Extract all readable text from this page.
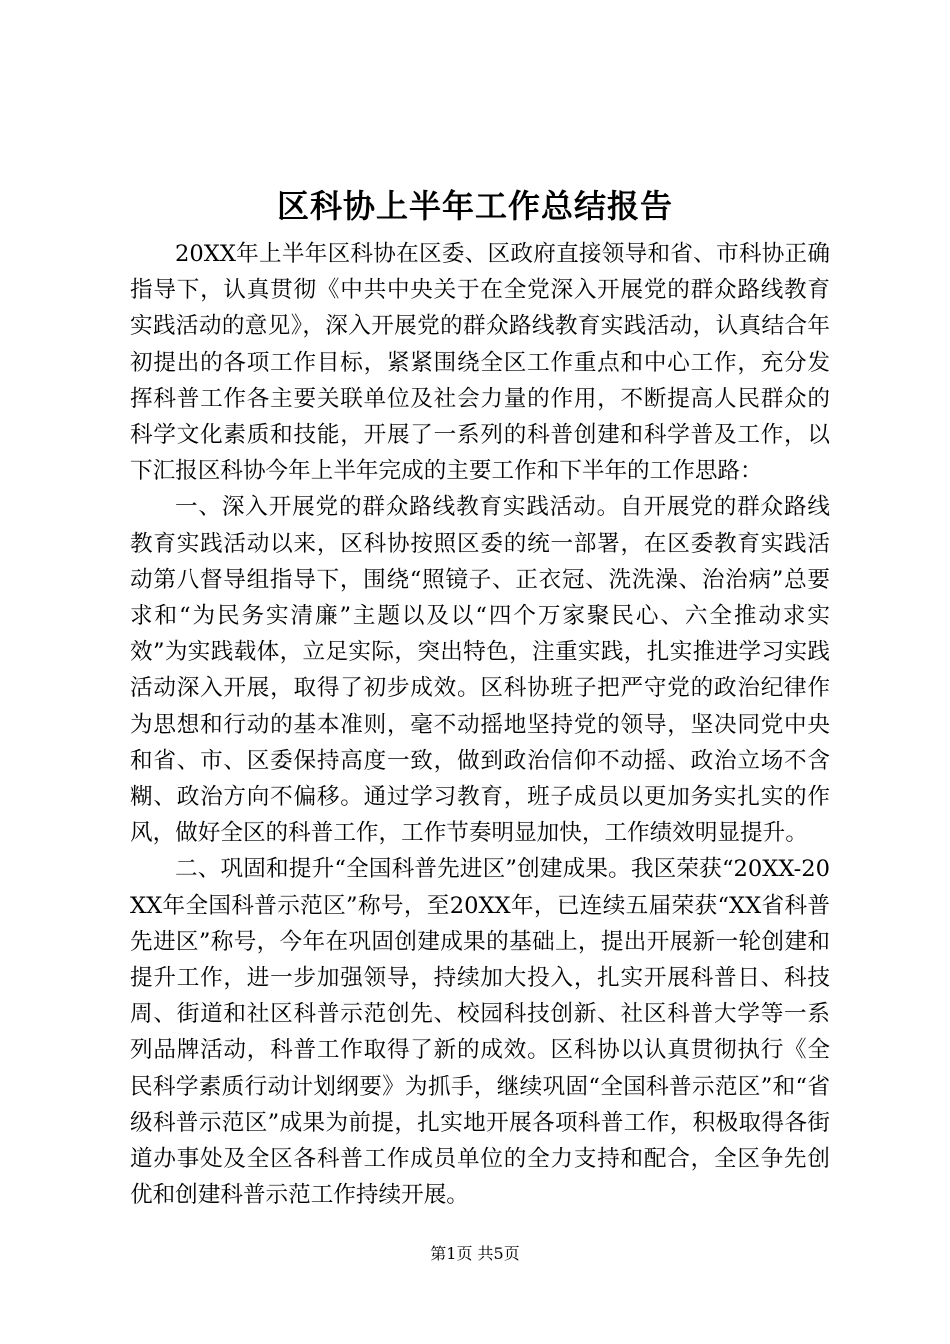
区科协上半年工作总结报告

20XX年上半年区科协在区委、区政府直接领导和省、市科协正确指导下，认真贯彻《中共中央关于在全党深入开展党的群众路线教育实践活动的意见》，深入开展党的群众路线教育实践活动，认真结合年初提出的各项工作目标，紧紧围绕全区工作重点和中心工作，充分发挥科普工作各主要关联单位及社会力量的作用，不断提高人民群众的科学文化素质和技能，开展了一系列的科普创建和科学普及工作，以下汇报区科协今年上半年完成的主要工作和下半年的工作思路：

一、深入开展党的群众路线教育实践活动。自开展党的群众路线教育实践活动以来，区科协按照区委的统一部署，在区委教育实践活动第八督导组指导下，围绕“照镜子、正衣冠、洗洗澡、治治病”总要求和“为民务实清廉”主题以及以“四个万家聚民心、六全推动求实效”为实践载体，立足实际，突出特色，注重实践，扎实推进学习实践活动深入开展，取得了初步成效。区科协班子把严守党的政治纪律作为思想和行动的基本准则，毫不动摇地坚持党的领导，坚决同党中央和省、市、区委保持高度一致，做到政治信仰不动摇、政治立场不含糊、政治方向不偏移。通过学习教育，班子成员以更加务实扎实的作风，做好全区的科普工作，工作节奏明显加快，工作绩效明显提升。

二、巩固和提升“全国科普先进区”创建成果。我区荣获“20XX-20XX年全国科普示范区”称号，至20XX年，已连续五届荣获“XX省科普先进区”称号，今年在巩固创建成果的基础上，提出开展新一轮创建和提升工作，进一步加强领导，持续加大投入，扎实开展科普日、科技周、街道和社区科普示范创先、校园科技创新、社区科普大学等一系列品牌活动，科普工作取得了新的成效。区科协以认真贯彻执行《全民科学素质行动计划纲要》为抓手，继续巩固“全国科普示范区”和“省级科普示范区”成果为前提，扎实地开展各项科普工作，积极取得各街道办事处及全区各科普工作成员单位的全力支持和配合，全区争先创优和创建科普示范工作持续开展。

第1页 共5页
